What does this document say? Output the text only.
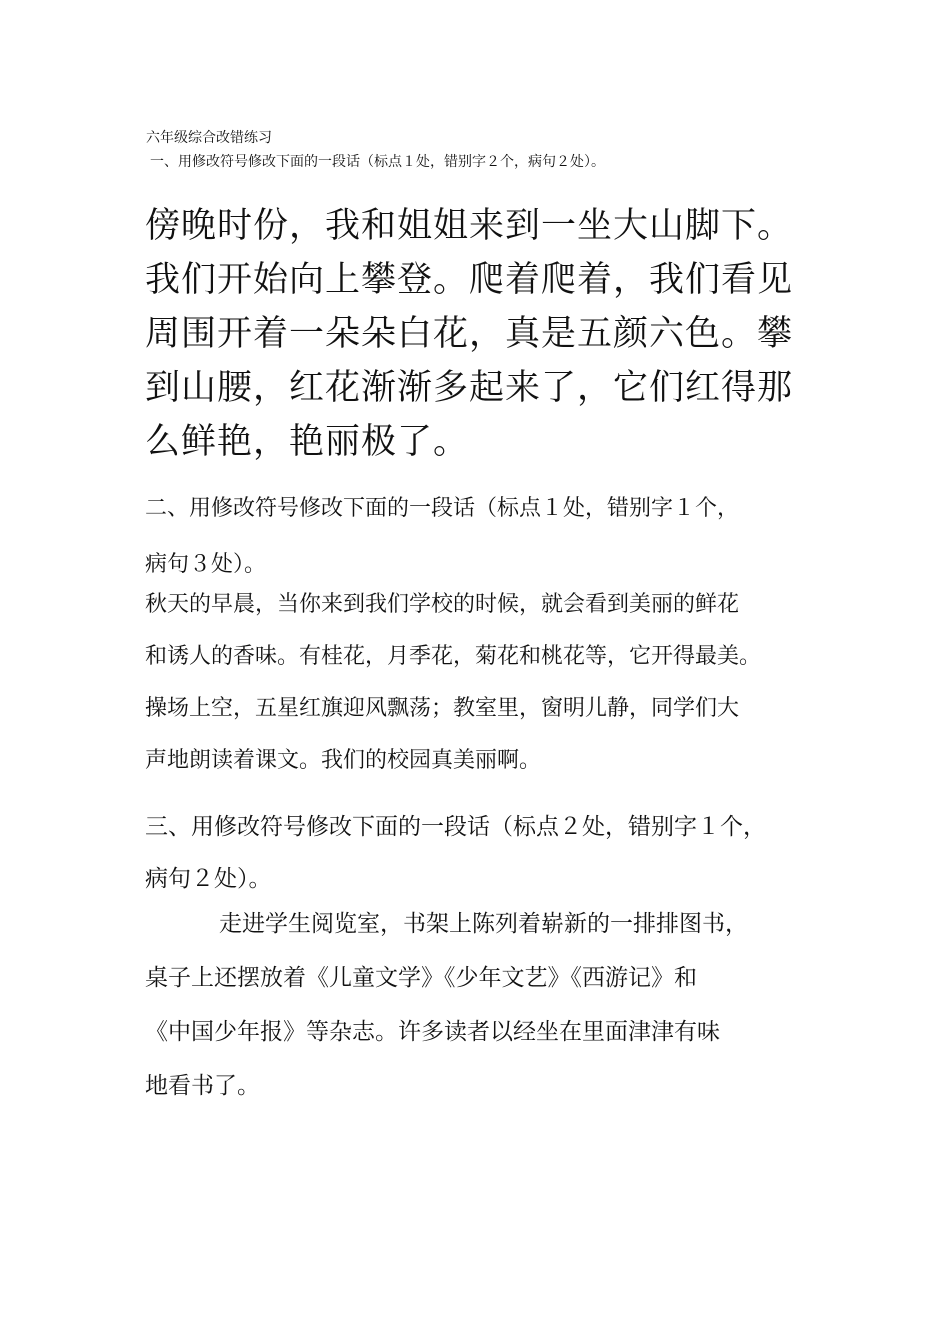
六年级综合改错练习
一、用修改符号修改下面的一段话（标点１处，错别字２个，病句２处）。
傍晚时份，我和姐姐来到一坐大山脚下。
我们开始向上攀登。爬着爬着，我们看见
周围开着一朵朵白花，真是五颜六色。攀
到山腰，红花渐渐多起来了，它们红得那
么鲜艳，艳丽极了。
二、用修改符号修改下面的一段话（标点１处，错别字１个，
病句３处）。
秋天的早晨，当你来到我们学校的时候，就会看到美丽的鲜花
和诱人的香味。有桂花，月季花，菊花和桃花等，它开得最美。
操场上空，五星红旗迎风飘荡；教室里，窗明儿静，同学们大
声地朗读着课文。我们的校园真美丽啊。
三、用修改符号修改下面的一段话（标点２处，错别字１个，
病句２处）。
走进学生阅览室，书架上陈列着崭新的一排排图书，
桌子上还摆放着《儿童文学》《少年文艺》《西游记》和
《中国少年报》等杂志。许多读者以经坐在里面津津有味
地看书了。
